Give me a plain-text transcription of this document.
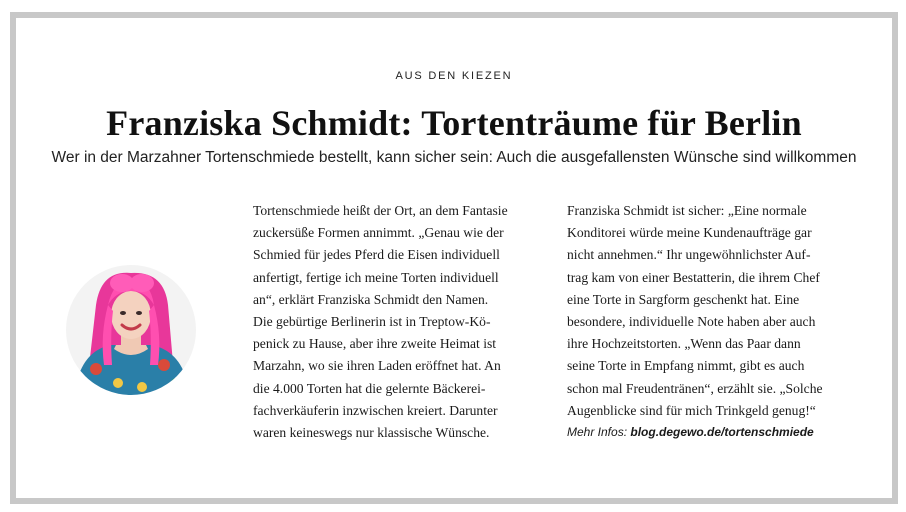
AUS DEN KIEZEN
Franziska Schmidt: Tortenträume für Berlin
Wer in der Marzahner Tortenschmiede bestellt, kann sicher sein: Auch die ausgefallensten Wünsche sind willkommen
Tortenschmiede heißt der Ort, an dem Fantasie
zuckersüße Formen annimmt. „Genau wie der
Schmied für jedes Pferd die Eisen individuell
anfertigt, fertige ich meine Torten individuell
an“, erklärt Franziska Schmidt den Namen.
Die gebürtige Berlinerin ist in Treptow-Kö-
penick zu Hause, aber ihre zweite Heimat ist
Marzahn, wo sie ihren Laden eröffnet hat. An
die 4.000 Torten hat die gelernte Bäckerei-
fachverkäuferin inzwischen kreiert. Darunter
waren keineswegs nur klassische Wünsche.
Franziska Schmidt ist sicher: „Eine normale
Konditorei würde meine Kundenaufträge gar
nicht annehmen.“ Ihr ungewöhnlichster Auf-
trag kam von einer Bestatterin, die ihrem Chef
eine Torte in Sargform geschenkt hat. Eine
besondere, individuelle Note haben aber auch
ihre Hochzeitstorten. „Wenn das Paar dann
seine Torte in Empfang nimmt, gibt es auch
schon mal Freudentränen“, erzählt sie. „Solche
Augenblicke sind für mich Trinkgeld genug!“
Mehr Infos: blog.degewo.de/tortenschmiede
